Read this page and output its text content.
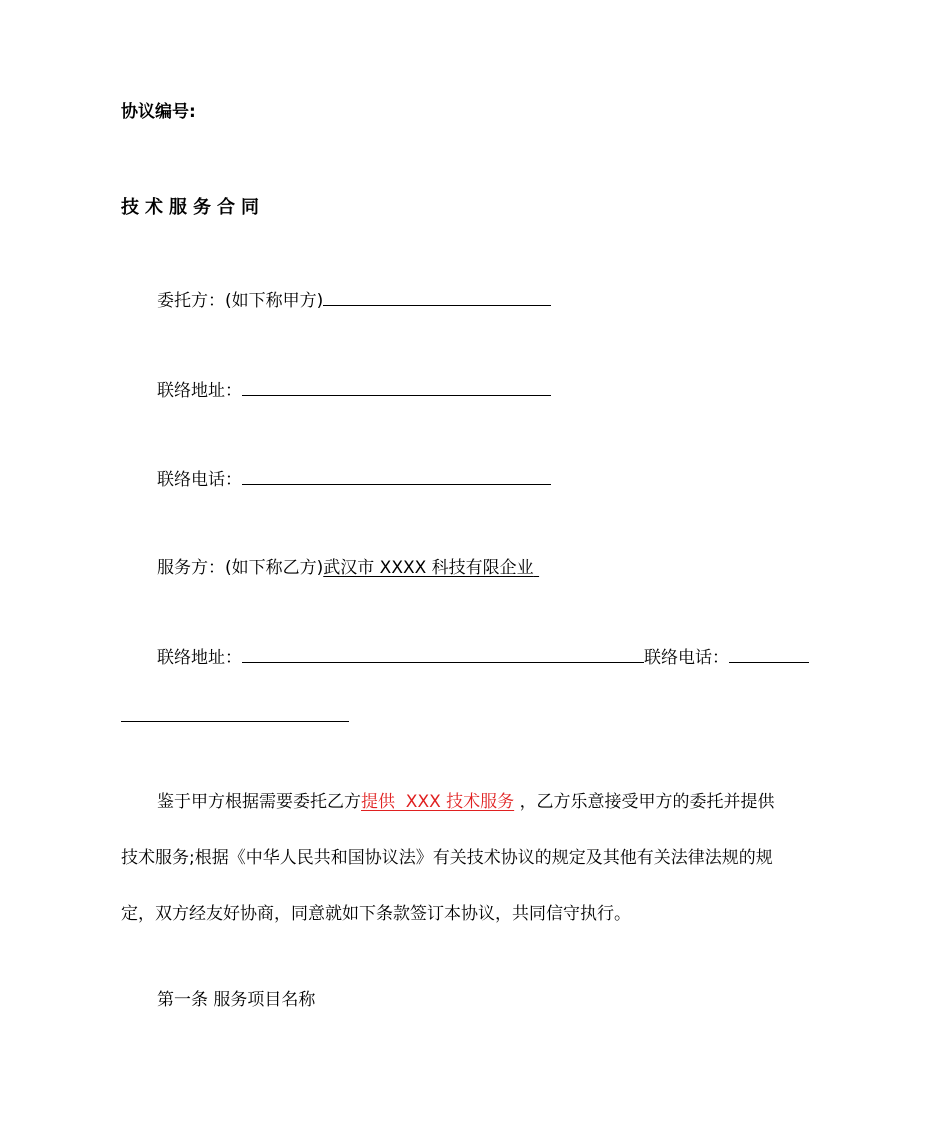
协议编号:
技术服务合同
委托方：(如下称甲方)
联络地址：
联络电话：
服务方：(如下称乙方)武汉市 XXXX 科技有限企业
联络地址：	联络电话：
鉴于甲方根据需要委托乙方提供  XXX 技术服务 ，乙方乐意接受甲方的委托并提供
技术服务;根据《中华人民共和国协议法》有关技术协议的规定及其他有关法律法规的规
定，双方经友好协商，同意就如下条款签订本协议，共同信守执行。
第一条 服务项目名称
